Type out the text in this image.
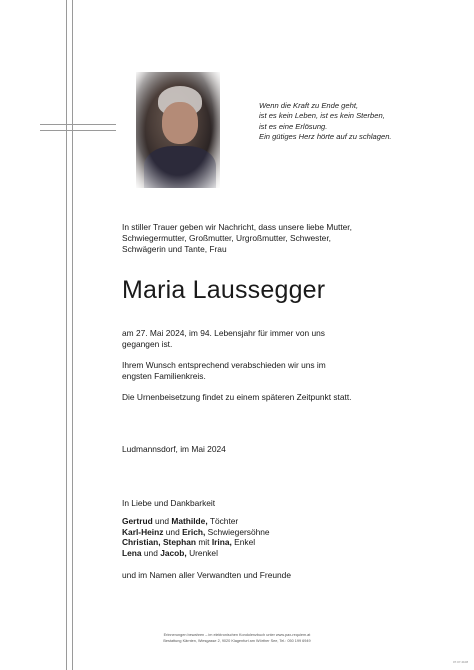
Wenn die Kraft zu Ende geht,
ist es kein Leben, ist es kein Sterben,
ist es eine Erlösung.
Ein gütiges Herz hörte auf zu schlagen.
In stiller Trauer geben wir Nachricht, dass unsere liebe Mutter,
Schwiegermutter, Großmutter, Urgroßmutter, Schwester,
Schwägerin und Tante, Frau
Maria Laussegger
am 27. Mai 2024, im 94. Lebensjahr für immer von uns
gegangen ist.
Ihrem Wunsch entsprechend verabschieden wir uns im
engsten Familienkreis.
Die Urnenbeisetzung findet zu einem späteren Zeitpunkt statt.
Ludmannsdorf, im Mai 2024
In Liebe und Dankbarkeit
Gertrud und Mathilde, Töchter
Karl-Heinz und Erich, Schwiegersöhne
Christian, Stephan mit Irina, Enkel
Lena und Jacob, Urenkel
und im Namen aller Verwandten und Freunde
Erinnerungen bewahren – im elektronischen Kondolenzbuch unter www.pax-requiem.at
Bestattung Kärnten, Wiesgasse 2, 9020 Klagenfurt am Wörther See, Tel.: 050 199 6949
07.07.4108
